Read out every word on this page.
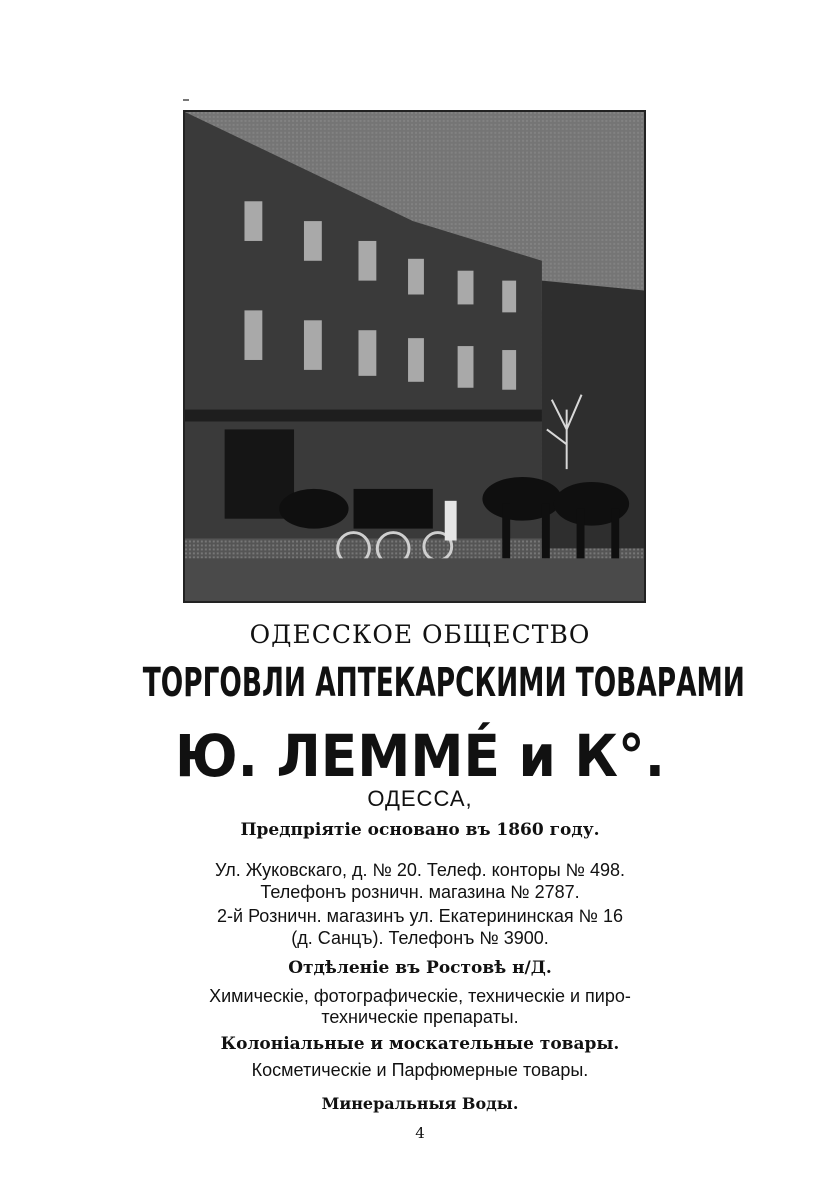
ОДЕССКОЕ ОБЩЕСТВО
ТОРГОВЛИ АПТЕКАРСКИМИ ТОВАРАМИ
Ю. ЛЕММÉ и К°.
ОДЕССА,
Предпріятіе основано въ 1860 году.
Ул. Жуковскаго, д. № 20. Телеф. конторы № 498.
Телефонъ розничн. магазина № 2787.
2-й Розничн. магазинъ ул. Екатерининская № 16
(д. Санцъ). Телефонъ № 3900.
Отдѣленіе въ Ростовѣ н/Д.
Химическіе, фотографическіе, техническіе и пиро-
техническіе препараты.
Колоніальные и москательные товары.
Косметическіе и Парфюмерные товары.
Минеральныя Воды.
4
